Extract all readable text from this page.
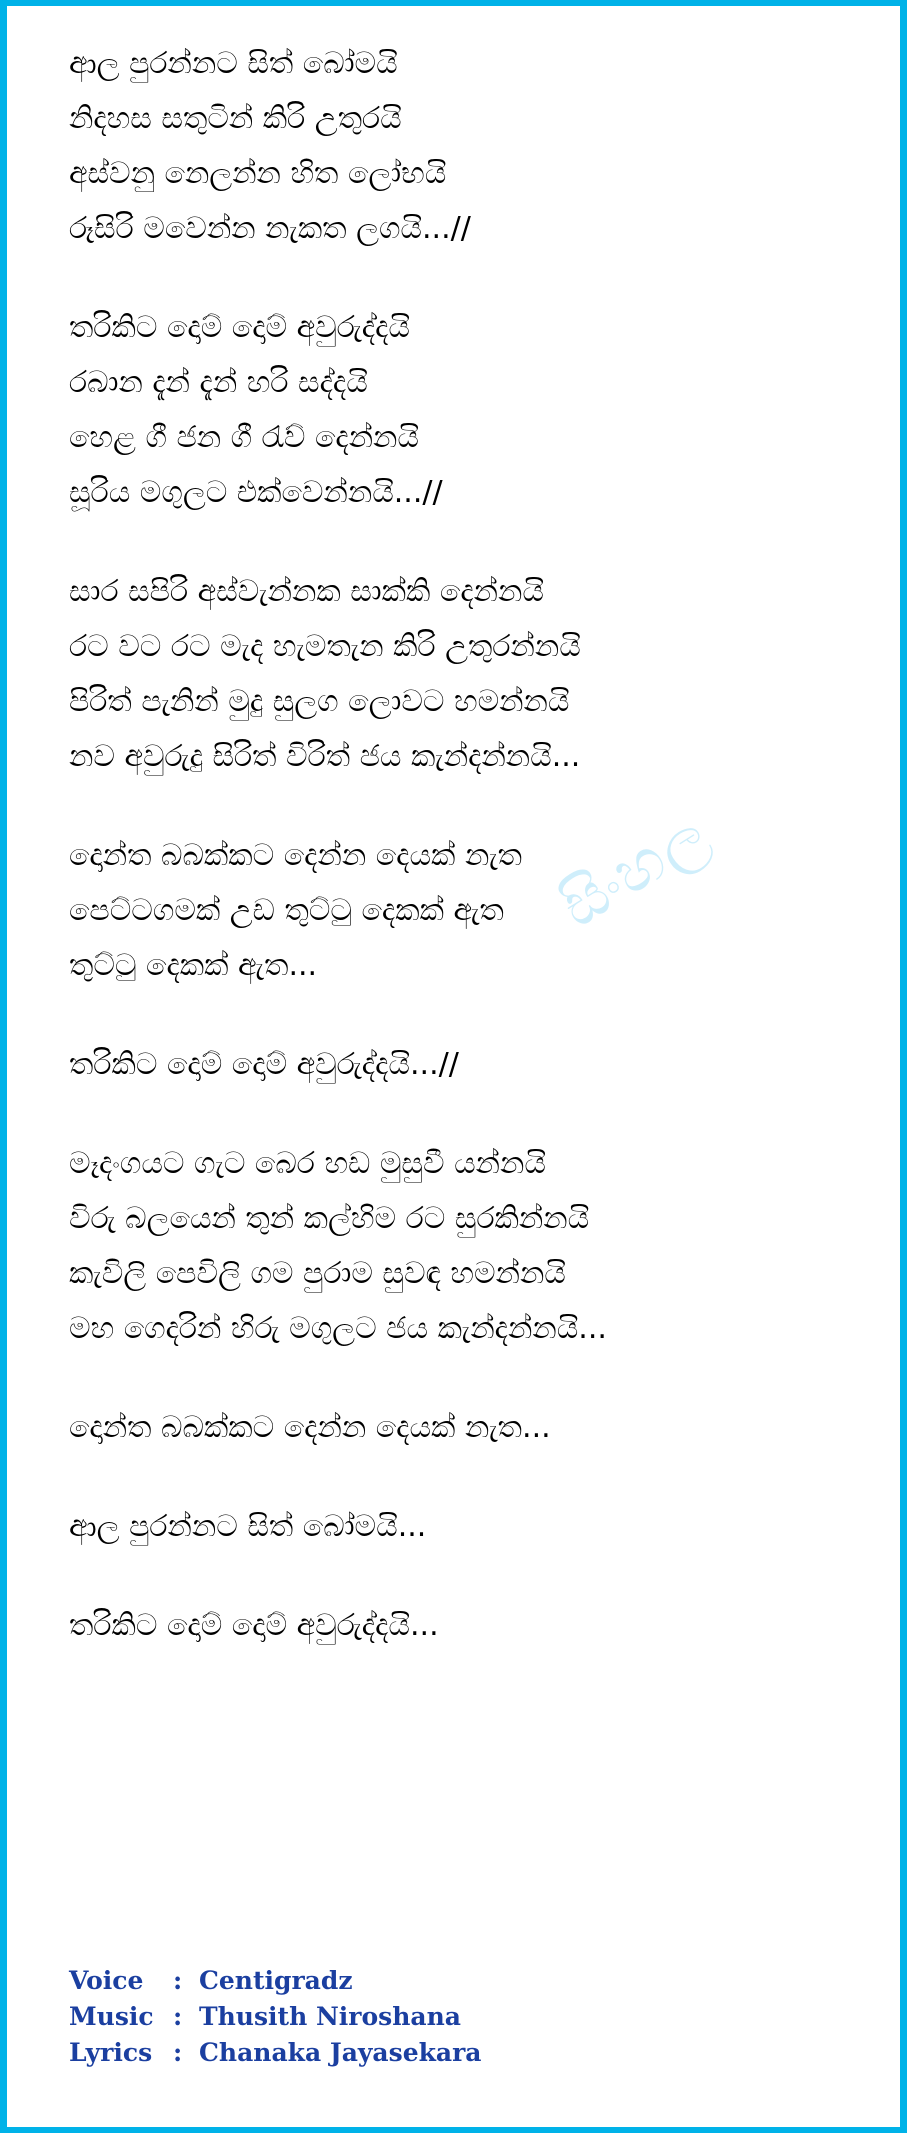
සිංහල
ආල පුරන්නට සිත් බෝමයි
නිදහස සතුටින් කිරි උතුරයි
අස්වනු නෙලන්න හිත ලෝභයි
රූසිරි මවෙන්න නැකත ලගයි...//
තරිකිට දොම් දොම් අවුරුද්දයි
රබාන දැන් දැන් හරි සද්දයි
හෙළ ගී ජන ගී රැව් දෙන්නයි
සූරිය මගුලට එක්වෙන්නයි...//
සාර සපිරි අස්වැන්නක සාක්කි දෙන්නයි
රට වට රට මැද හැමතැන කිරි උතුරන්නයි
පිරිත් පැනින් මුදු සුලග ලොවට හමන්නයි
නව අවුරුදු සිරිත් විරිත් ජය කැන්දන්නයි...
දොන්ත බබක්කට දෙන්න දෙයක් නැත
පෙට්ටගමක් උඩ තුට්ටු දෙකක් ඇත
තුට්ටු දෙකක් ඇත...
තරිකිට දොම් දොම් අවුරුද්දයි...//
මෑදංගයට ගැට බෙර හඩ මුසුවී යන්නයි
විරු බලයෙන් තුන් කල්හිම රට සුරකින්නයි
කැවිලි පෙවිලි ගම පුරාම සුවඳ හමන්නයි
මහ ගෙදරින් හිරු මගුලට ජය කැන්දන්නයි...
දොන්ත බබක්කට දෙන්න දෙයක් නැත...
ආල පුරන්නට සිත් බෝමයි...
තරිකිට දොම් දොම් අවුරුද්දයි...
Voice	: Centigradz
Music : Thusith Niroshana
Lyrics : Chanaka Jayasekara
